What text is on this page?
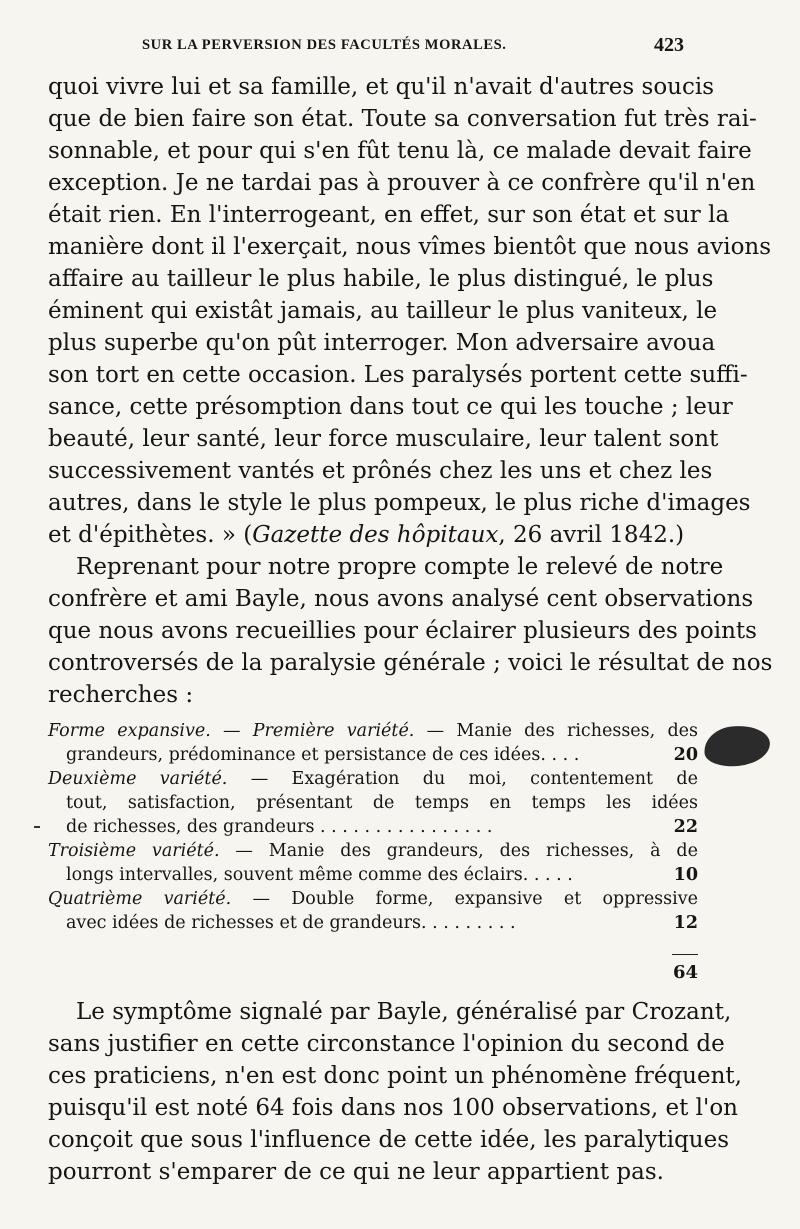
SUR LA PERVERSION DES FACULTÉS MORALES.	423
quoi vivre lui et sa famille, et qu'il n'avait d'autres soucis
que de bien faire son état. Toute sa conversation fut très rai-
sonnable, et pour qui s'en fût tenu là, ce malade devait faire
exception. Je ne tardai pas à prouver à ce confrère qu'il n'en
était rien. En l'interrogeant, en effet, sur son état et sur la
manière dont il l'exerçait, nous vîmes bientôt que nous avions
affaire au tailleur le plus habile, le plus distingué, le plus
éminent qui existât jamais, au tailleur le plus vaniteux, le
plus superbe qu'on pût interroger. Mon adversaire avoua
son tort en cette occasion. Les paralysés portent cette suffi-
sance, cette présomption dans tout ce qui les touche ; leur
beauté, leur santé, leur force musculaire, leur talent sont
successivement vantés et prônés chez les uns et chez les
autres, dans le style le plus pompeux, le plus riche d'images
et d'épithètes. » (Gazette des hôpitaux, 26 avril 1842.)
Reprenant pour notre propre compte le relevé de notre
confrère et ami Bayle, nous avons analysé cent observations
que nous avons recueillies pour éclairer plusieurs des points
controversés de la paralysie générale ; voici le résultat de nos
recherches :
Forme expansive. — Première variété. — Manie des richesses, des
grandeurs, prédominance et persistance de ces idées. . . .	20
Deuxième variété. — Exagération du moi, contentement de
tout, satisfaction, présentant de temps en temps les idées
de richesses, des grandeurs . . . . . . . . . . . . . . . .	22
Troisième variété. — Manie des grandeurs, des richesses, à de
longs intervalles, souvent même comme des éclairs. . . . .	10
Quatrième variété. — Double forme, expansive et oppressive
avec idées de richesses et de grandeurs. . . . . . . . .	12
64
Le symptôme signalé par Bayle, généralisé par Crozant,
sans justifier en cette circonstance l'opinion du second de
ces praticiens, n'en est donc point un phénomène fréquent,
puisqu'il est noté 64 fois dans nos 100 observations, et l'on
conçoit que sous l'influence de cette idée, les paralytiques
pourront s'emparer de ce qui ne leur appartient pas.
